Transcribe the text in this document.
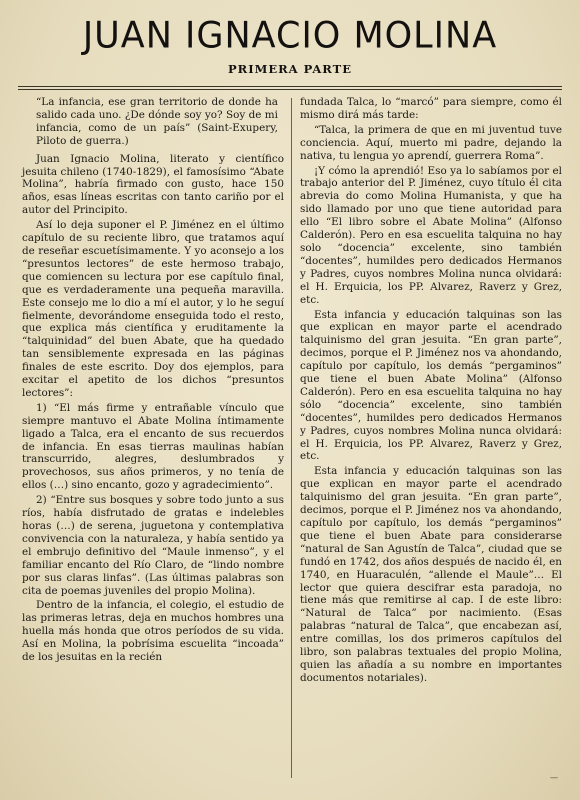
JUAN IGNACIO MOLINA
PRIMERA PARTE

“La infancia, ese gran territorio de donde ha salido cada uno. ¿De dónde soy yo? Soy de mi infancia, como de un país” (Saint-Exupery, Piloto de guerra.)

Juan Ignacio Molina, literato y científico jesuita chileno (1740-1829), el famosísimo “Abate Molina”, habría firmado con gusto, hace 150 años, esas líneas escritas con tanto cariño por el autor del Principito.

Así lo deja suponer el P. Jiménez en el último capítulo de su reciente libro, que tratamos aquí de reseñar escuetísimamente. Y yo aconsejo a los “presuntos lectores” de este hermoso trabajo, que comiencen su lectura por ese capítulo final, que es verdaderamente una pequeña maravilla. Este consejo me lo dio a mí el autor, y lo he seguí fielmente, devorándome enseguida todo el resto, que explica más científica y eruditamente la “talquinidad” del buen Abate, que ha quedado tan sensiblemente expresada en las páginas finales de este escrito. Doy dos ejemplos, para excitar el apetito de los dichos “presuntos lectores”:

1) “El más firme y entrañable vínculo que siempre mantuvo el Abate Molina íntimamente ligado a Talca, era el encanto de sus recuerdos de infancia. En esas tierras maulinas habían transcurrido, alegres, deslumbrados y provechosos, sus años primeros, y no tenía de ellos (…) sino encanto, gozo y agradecimiento”.

2) “Entre sus bosques y sobre todo junto a sus ríos, había disfrutado de gratas e indelebles horas (…) de serena, juguetona y contemplativa convivencia con la naturaleza, y había sentido ya el embrujo definitivo del “Maule inmenso”, y el familiar encanto del Río Claro, de “lindo nombre por sus claras linfas”. (Las últimas palabras son cita de poemas juveniles del propio Molina).

Dentro de la infancia, el colegio, el estudio de las primeras letras, deja en muchos hombres una huella más honda que otros períodos de su vida. Así en Molina, la pobrísima escuelita “incoada” de los jesuitas en la recién

fundada Talca, lo “marcó” para siempre, como él mismo dirá más tarde:

“Talca, la primera de que en mi juventud tuve conciencia. Aquí, muerto mi padre, dejando la nativa, tu lengua yo aprendí, guerrera Roma”.

¡Y cómo la aprendió! Eso ya lo sabíamos por el trabajo anterior del P. Jiménez, cuyo título él cita abrevia do como Molina Humanista, y que ha sido llamado por uno que tiene autoridad para ello “El libro sobre el Abate Molina” (Alfonso Calderón). Pero en esa escuelita talquina no hay solo “docencia” excelente, sino también “docentes”, humildes pero dedicados Hermanos y Padres, cuyos nombres Molina nunca olvidará: el H. Erquicia, los PP. Alvarez, Raverz y Grez, etc.

Esta infancia y educación talquinas son las que explican en mayor parte el acendrado talquinismo del gran jesuita. “En gran parte”, decimos, porque el P. Jiménez nos va ahondando, capítulo por capítulo, los demás “pergaminos” que tiene el buen Abate Molina” (Alfonso Calderón). Pero en esa escuelita talquina no hay sólo “docencia” excelente, sino también “docentes”, humildes pero dedicados Hermanos y Padres, cuyos nombres Molina nunca olvidará: el H. Erquicia, los PP. Alvarez, Raverz y Grez, etc.

Esta infancia y educación talquinas son las que explican en mayor parte el acendrado talquinismo del gran jesuita. “En gran parte”, decimos, porque el P. Jiménez nos va ahondando, capítulo por capítulo, los demás “pergaminos” que tiene el buen Abate para considerarse “natural de San Agustín de Talca”, ciudad que se fundó en 1742, dos años después de nacido él, en 1740, en Huaraculén, “allende el Maule”… El lector que quiera descifrar esta paradoja, no tiene más que remitirse al cap. I de este libro: “Natural de Talca” por nacimiento. (Esas palabras “natural de Talca”, que encabezan así, entre comillas, los dos primeros capítulos del libro, son palabras textuales del propio Molina, quien las añadía a su nombre en importantes documentos notariales).

—
